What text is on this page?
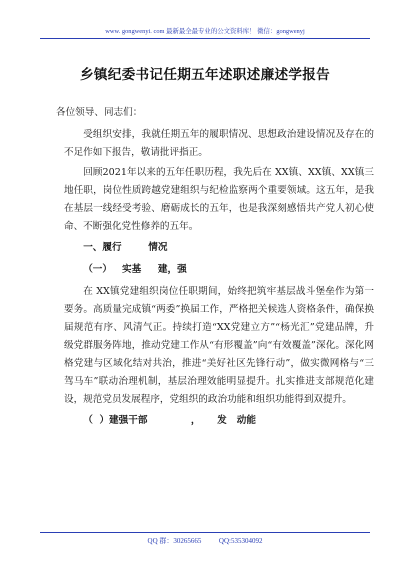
www. gongwenyi. com 最新最全最专业的公文资料库！ 微信：gongwenyj
乡镇纪委书记任期五年述职述廉述学报告

各位领导、同志们：

受组织安排，我就任期五年的履职情况、思想政治建设情况及存在的不足作如下报告，敬请批评指正。

回顾2021年以来的五年任职历程，我先后在 XX镇、XX镇、XX镇三地任职，岗位性质跨越党建组织与纪检监察两个重要领域。这五年，是我在基层一线经受考验、磨砺成长的五年，也是我深刻感悟共产党人初心使命、不断强化党性修养的五年。

一、履行        情况

（一）   实基     建，强

在 XX镇党建组织岗位任职期间，始终把筑牢基层战斗堡垒作为第一要务。高质量完成镇“两委”换届工作，严格把关候选人资格条件，确保换届规范有序、风清气正。持续打造“XX党建立方”“杨光汇”党建品牌，升级党群服务阵地，推动党建工作从“有形覆盖”向“有效覆盖”深化。深化网格党建与区域化结对共治，推进“美好社区先锋行动”，做实微网格与“三驾马车”联动治理机制，基层治理效能明显提升。扎实推进支部规范化建设，规范党员发展程序，党组织的政治功能和组织功能得到双提升。

（  ）建强干部             ，     发   动能

QQ 群：30265665	QQ:535304092
